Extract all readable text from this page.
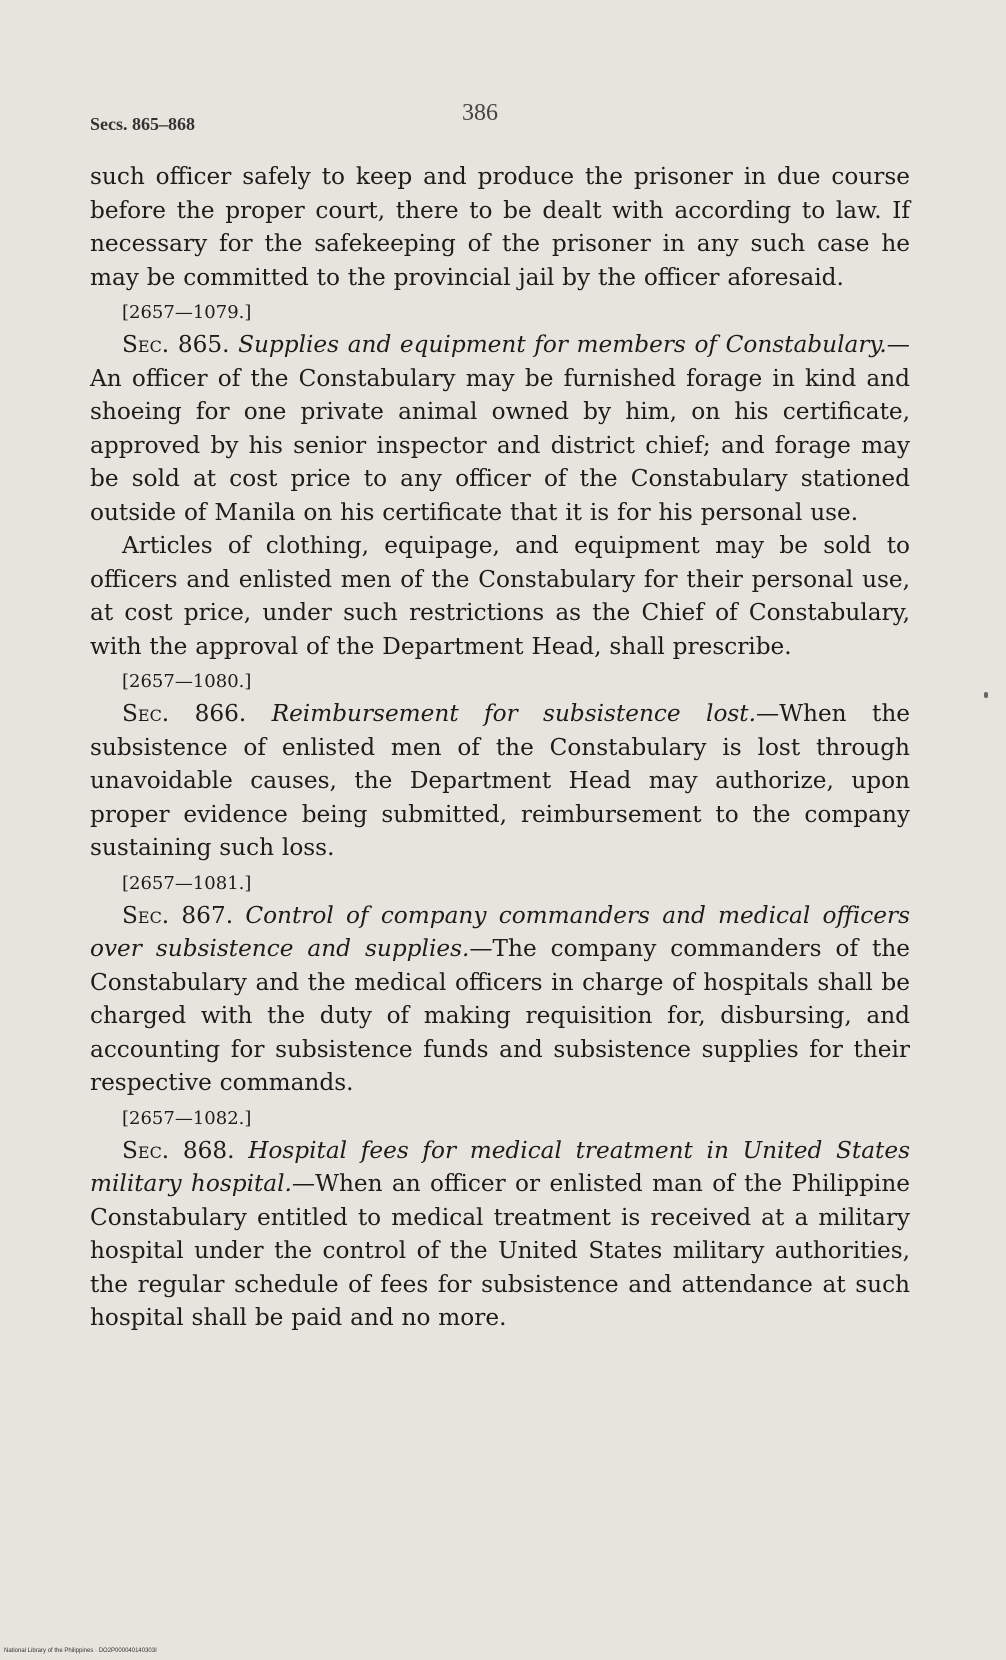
Secs. 865–868	386

such officer safely to keep and produce the prisoner in due course before the proper court, there to be dealt with according to law. If necessary for the safekeeping of the prisoner in any such case he may be committed to the provincial jail by the officer aforesaid.

[2657—1079.]

Sec. 865. Supplies and equipment for members of Constabulary.—An officer of the Constabulary may be furnished forage in kind and shoeing for one private animal owned by him, on his certificate, approved by his senior inspector and district chief; and forage may be sold at cost price to any officer of the Constabulary stationed outside of Manila on his certificate that it is for his personal use.

Articles of clothing, equipage, and equipment may be sold to officers and enlisted men of the Constabulary for their personal use, at cost price, under such restrictions as the Chief of Constabulary, with the approval of the Department Head, shall prescribe.

[2657—1080.]

Sec. 866. Reimbursement for subsistence lost.—When the subsistence of enlisted men of the Constabulary is lost through unavoidable causes, the Department Head may authorize, upon proper evidence being submitted, reimbursement to the company sustaining such loss.

[2657—1081.]

Sec. 867. Control of company commanders and medical officers over subsistence and supplies.—The company commanders of the Constabulary and the medical officers in charge of hospitals shall be charged with the duty of making requisition for, disbursing, and accounting for subsistence funds and subsistence supplies for their respective commands.

[2657—1082.]

Sec. 868. Hospital fees for medical treatment in United States military hospital.—When an officer or enlisted man of the Philippine Constabulary entitled to medical treatment is received at a military hospital under the control of the United States military authorities, the regular schedule of fees for subsistence and attendance at such hospital shall be paid and no more.

National Library of the Philippines · DO2P000040140303I
